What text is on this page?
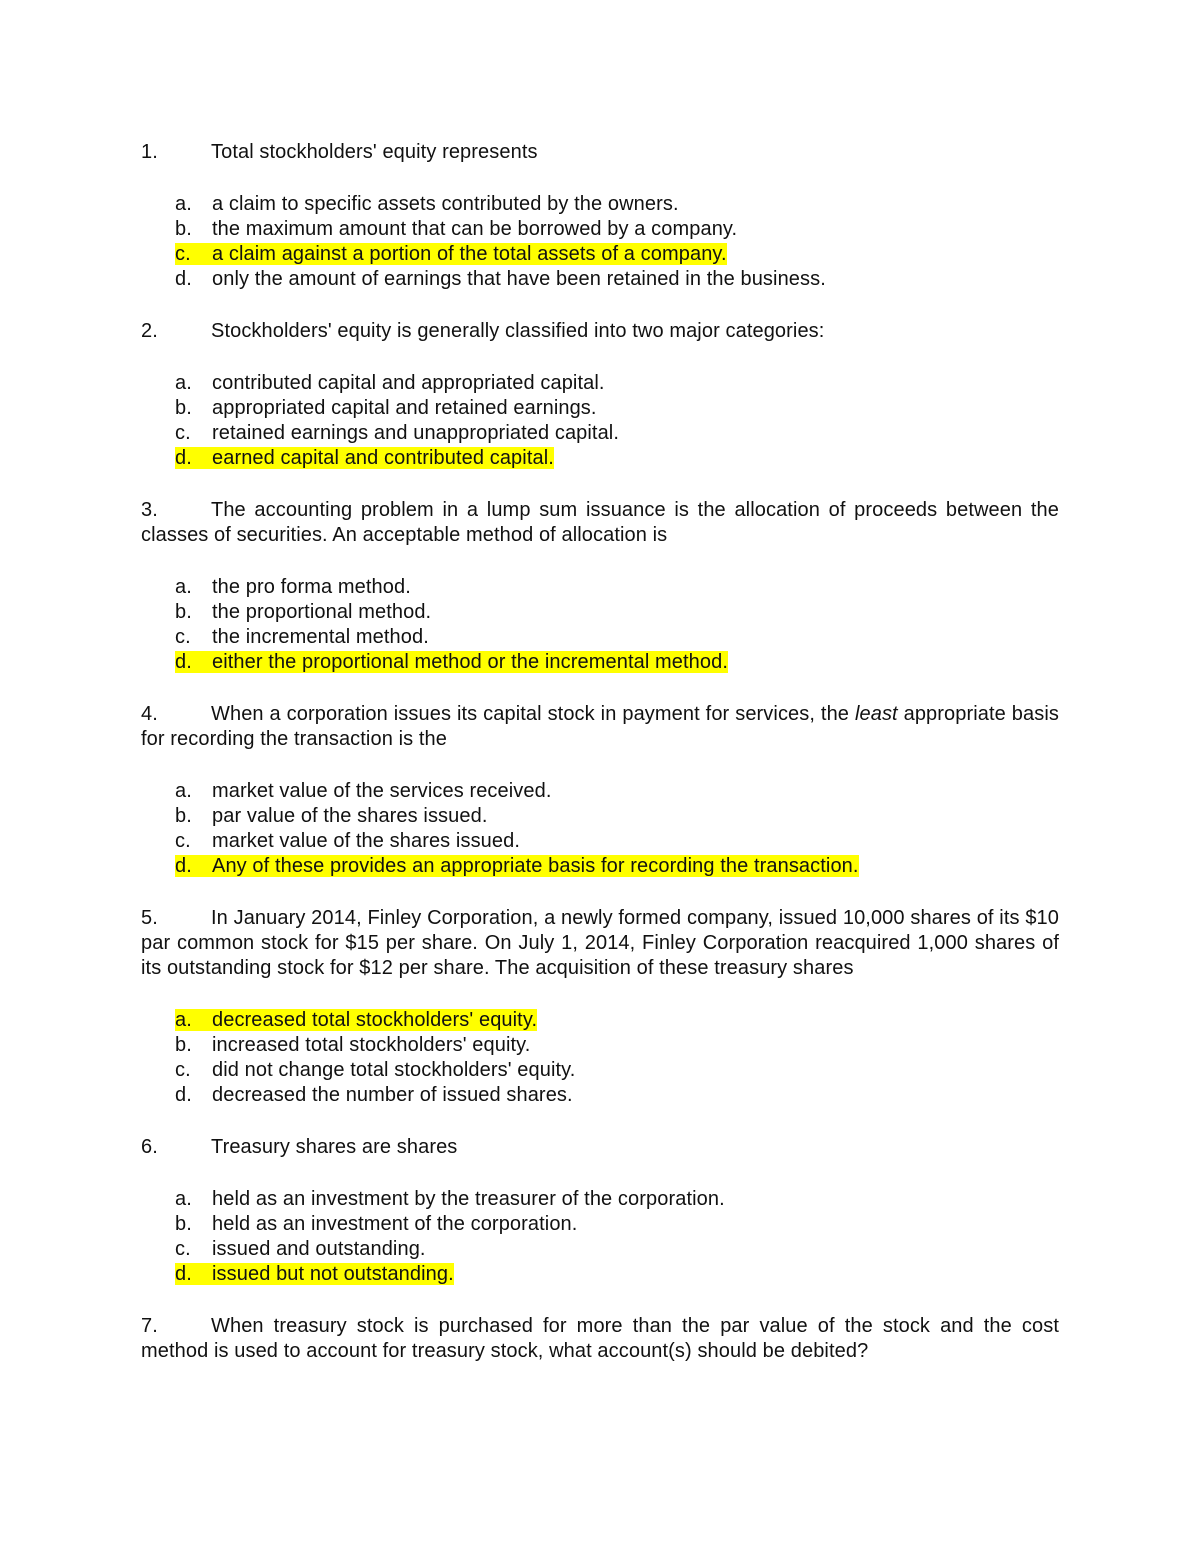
1.	Total stockholders' equity represents

a. a claim to specific assets contributed by the owners.
b. the maximum amount that can be borrowed by a company.
c. a claim against a portion of the total assets of a company.
d. only the amount of earnings that have been retained in the business.

2.	Stockholders' equity is generally classified into two major categories:

a. contributed capital and appropriated capital.
b. appropriated capital and retained earnings.
c. retained earnings and unappropriated capital.
d. earned capital and contributed capital.

3.	The accounting problem in a lump sum issuance is the allocation of proceeds between the classes of securities. An acceptable method of allocation is

a. the pro forma method.
b. the proportional method.
c. the incremental method.
d. either the proportional method or the incremental method.

4.	When a corporation issues its capital stock in payment for services, the least appropriate basis for recording the transaction is the

a. market value of the services received.
b. par value of the shares issued.
c. market value of the shares issued.
d. Any of these provides an appropriate basis for recording the transaction.

5.	In January 2014, Finley Corporation, a newly formed company, issued 10,000 shares of its $10 par common stock for $15 per share. On July 1, 2014, Finley Corporation reacquired 1,000 shares of its outstanding stock for $12 per share. The acquisition of these treasury shares

a. decreased total stockholders' equity.
b. increased total stockholders' equity.
c. did not change total stockholders' equity.
d. decreased the number of issued shares.

6.	Treasury shares are shares

a. held as an investment by the treasurer of the corporation.
b. held as an investment of the corporation.
c. issued and outstanding.
d. issued but not outstanding.

7.	When treasury stock is purchased for more than the par value of the stock and the cost method is used to account for treasury stock, what account(s) should be debited?
